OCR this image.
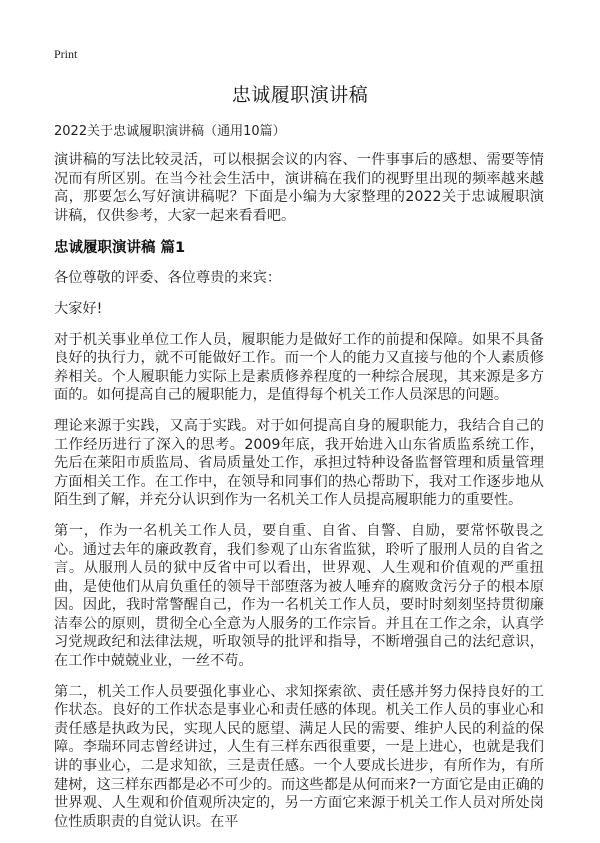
Print
忠诚履职演讲稿
2022关于忠诚履职演讲稿（通用10篇）

演讲稿的写法比较灵活，可以根据会议的内容、一件事事后的感想、需要等情况而有所区别。在当今社会生活中，演讲稿在我们的视野里出现的频率越来越高，那要怎么写好演讲稿呢？下面是小编为大家整理的2022关于忠诚履职演讲稿，仅供参考，大家一起来看看吧。

忠诚履职演讲稿 篇1

各位尊敬的评委、各位尊贵的来宾：

大家好!

对于机关事业单位工作人员，履职能力是做好工作的前提和保障。如果不具备良好的执行力，就不可能做好工作。而一个人的能力又直接与他的个人素质修养相关。个人履职能力实际上是素质修养程度的一种综合展现，其来源是多方面的。如何提高自己的履职能力，是值得每个机关工作人员深思的问题。

理论来源于实践，又高于实践。对于如何提高自身的履职能力，我结合自己的工作经历进行了深入的思考。2009年底，我开始进入山东省质监系统工作，先后在莱阳市质监局、省局质量处工作，承担过特种设备监督管理和质量管理方面相关工作。在工作中，在领导和同事们的热心帮助下，我对工作逐步地从陌生到了解，并充分认识到作为一名机关工作人员提高履职能力的重要性。

第一，作为一名机关工作人员，要自重、自省、自警、自励，要常怀敬畏之心。通过去年的廉政教育，我们参观了山东省监狱，聆听了服刑人员的自省之言。从服刑人员的狱中反省中可以看出，世界观、人生观和价值观的严重扭曲，是使他们从肩负重任的领导干部堕落为被人唾弃的腐败贪污分子的根本原因。因此，我时常警醒自己，作为一名机关工作人员，要时时刻刻坚持贯彻廉洁奉公的原则，贯彻全心全意为人服务的工作宗旨。并且在工作之余，认真学习党规政纪和法律法规，听取领导的批评和指导，不断增强自己的法纪意识，在工作中兢兢业业，一丝不苟。

第二，机关工作人员要强化事业心、求知探索欲、责任感并努力保持良好的工作状态。良好的工作状态是事业心和责任感的体现。机关工作人员的事业心和责任感是执政为民，实现人民的愿望、满足人民的需要、维护人民的利益的保障。李瑞环同志曾经讲过，人生有三样东西很重要，一是上进心，也就是我们讲的事业心，二是求知欲，三是责任感。一个人要成长进步，有所作为，有所建树，这三样东西都是必不可少的。而这些都是从何而来?一方面它是由正确的世界观、人生观和价值观所决定的，另一方面它来源于机关工作人员对所处岗位性质职责的自觉认识。在平
